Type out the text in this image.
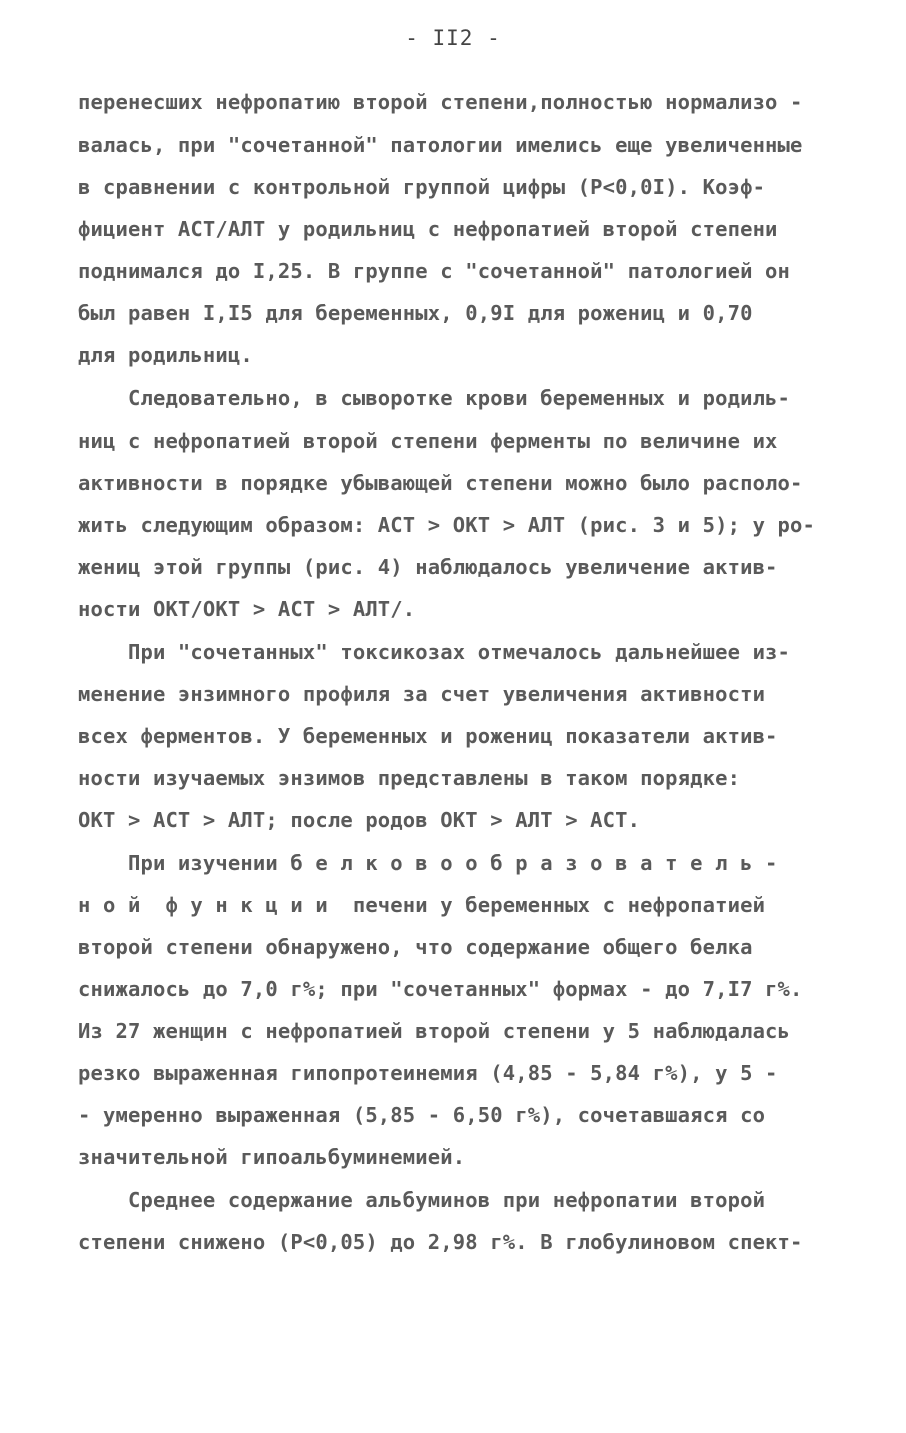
- II2 -
перенесших нефропатию второй степени,полностью нормализо -
валась, при "сочетанной" патологии имелись еще увеличенные
в сравнении с контрольной группой цифры (P<0,0I). Коэф-
фициент АСТ/АЛТ у родильниц с нефропатией второй степени
поднимался до I,25. В группе с "сочетанной" патологией он
был равен I,I5 для беременных, 0,9I для рожениц и 0,70
для родильниц.
Следовательно, в сыворотке крови беременных и родиль-
ниц с нефропатией второй степени ферменты по величине их
активности в порядке убывающей степени можно было располо-
жить следующим образом: АСТ > ОКТ > АЛТ (рис. 3 и 5); у ро-
жениц этой группы (рис. 4) наблюдалось увеличение актив-
ности ОКТ/ОКТ > АСТ > АЛТ/.
При "сочетанных" токсикозах отмечалось дальнейшее из-
менение энзимного профиля за счет увеличения активности
всех ферментов. У беременных и рожениц показатели актив-
ности изучаемых энзимов представлены в таком порядке:
ОКТ > АСТ > АЛТ; после родов ОКТ > АЛТ > АСТ.
При изучении б е л к о в о о б р а з о в а т е л ь -
н о й  ф у н к ц и и  печени у беременных с нефропатией
второй степени обнаружено, что содержание общего белка
снижалось до 7,0 г%; при "сочетанных" формах - до 7,I7 г%.
Из 27 женщин с нефропатией второй степени у 5 наблюдалась
резко выраженная гипопротеинемия (4,85 - 5,84 г%), у 5 -
- умеренно выраженная (5,85 - 6,50 г%), сочетавшаяся со
значительной гипоальбуминемией.
Среднее содержание альбуминов при нефропатии второй
степени снижено (P<0,05) до 2,98 г%. В глобулиновом спект-
